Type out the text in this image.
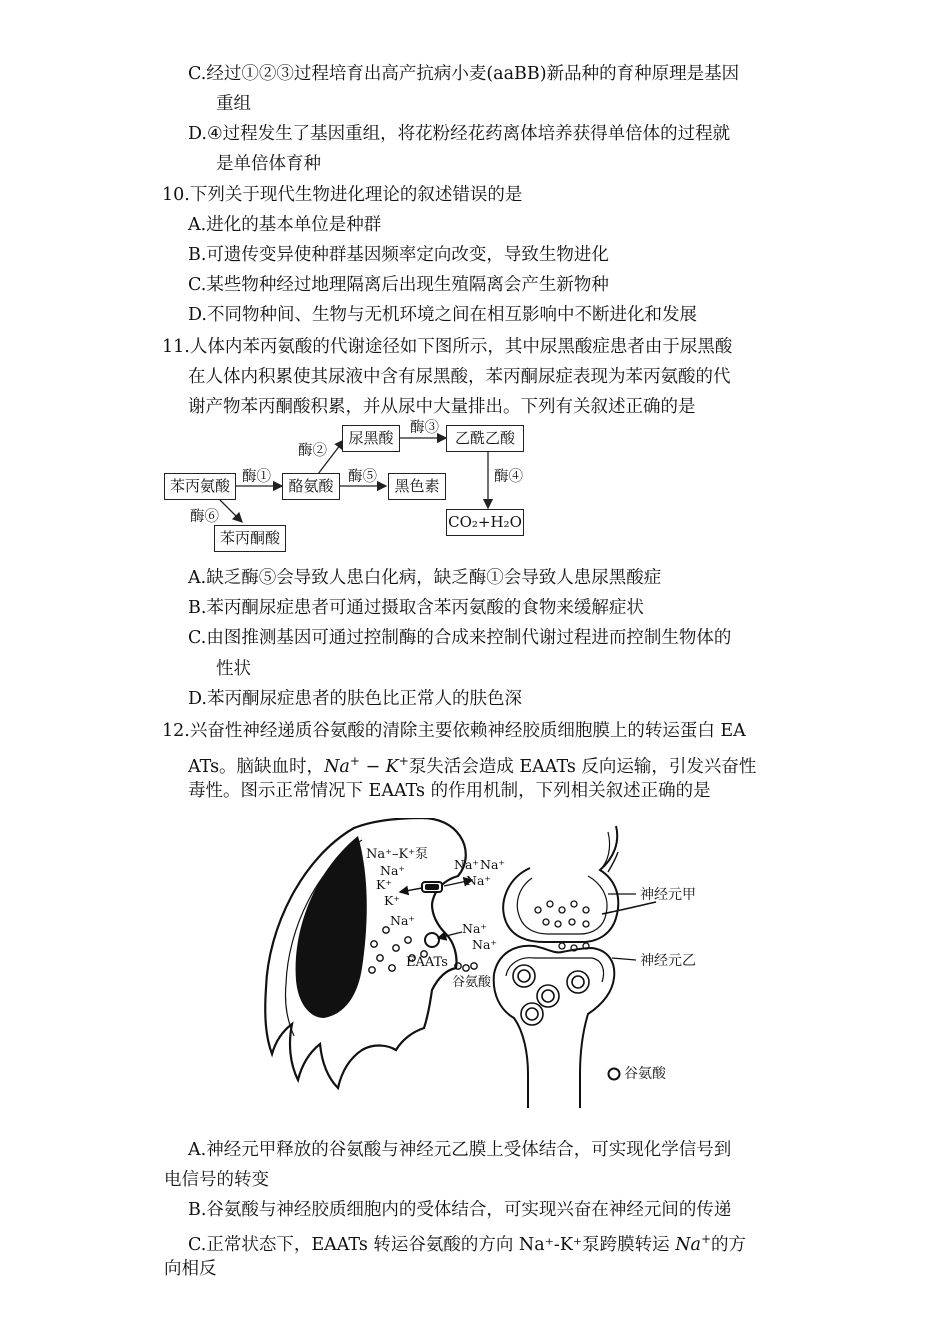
C.经过①②③过程培育出高产抗病小麦(aaBB)新品种的育种原理是基因
重组
D.④过程发生了基因重组，将花粉经花药离体培养获得单倍体的过程就
是单倍体育种
10.下列关于现代生物进化理论的叙述错误的是
A.进化的基本单位是种群
B.可遗传变异使种群基因频率定向改变，导致生物进化
C.某些物种经过地理隔离后出现生殖隔离会产生新物种
D.不同物种间、生物与无机环境之间在相互影响中不断进化和发展
11.人体内苯丙氨酸的代谢途径如下图所示，其中尿黑酸症患者由于尿黑酸
在人体内积累使其尿液中含有尿黑酸，苯丙酮尿症表现为苯丙氨酸的代
谢产物苯丙酮酸积累，并从尿中大量排出。下列有关叙述正确的是
苯丙氨酸	酪氨酸
尿黑酸	乙酰乙酸
黑色素
CO₂+H₂O
苯丙酮酸
酶①
酶②
酶③
酶④
酶⑤
酶⑥
A.缺乏酶⑤会导致人患白化病，缺乏酶①会导致人患尿黑酸症
B.苯丙酮尿症患者可通过摄取含苯丙氨酸的食物来缓解症状
C.由图推测基因可通过控制酶的合成来控制代谢过程进而控制生物体的
性状
D.苯丙酮尿症患者的肤色比正常人的肤色深
12.兴奋性神经递质谷氨酸的清除主要依赖神经胶质细胞膜上的转运蛋白 EA
ATs。脑缺血时，Na+ − K+泵失活会造成 EAATs 反向运输，引发兴奋性
毒性。图示正常情况下 EAATs 的作用机制，下列相关叙述正确的是
Na⁺–K⁺泵
Na⁺
K⁺
K⁺
Na⁺
Na⁺ Na⁺
Na⁺
Na⁺
Na⁺
EAATs
谷氨酸
神经元甲
神经元乙
谷氨酸
A.神经元甲释放的谷氨酸与神经元乙膜上受体结合，可实现化学信号到
电信号的转变
B.谷氨酸与神经胶质细胞内的受体结合，可实现兴奋在神经元间的传递
C.正常状态下，EAATs 转运谷氨酸的方向 Na⁺-K⁺泵跨膜转运 Na+的方
向相反
